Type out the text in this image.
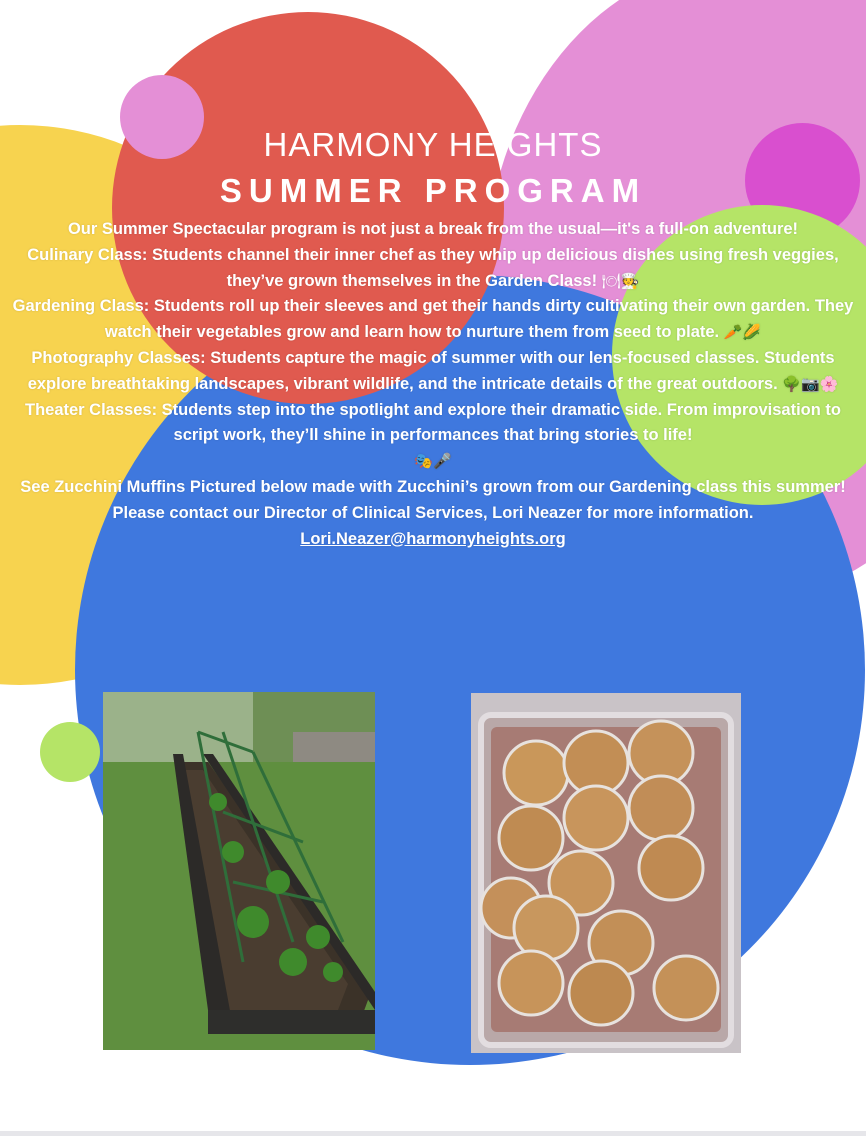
HARMONY HEIGHTS
SUMMER PROGRAM

Our Summer Spectacular program is not just a break from the usual—it's a full-on adventure!

Culinary Class: Students channel their inner chef as they whip up delicious dishes using fresh veggies, they’ve grown themselves in the Garden Class! 🍽🧑‍🍳

Gardening Class: Students roll up their sleeves and get their hands dirty cultivating their own garden. They watch their vegetables grow and learn how to nurture them from seed to plate. 🥕🌽

Photography Classes: Students capture the magic of summer with our lens-focused classes. Students explore breathtaking landscapes, vibrant wildlife, and the intricate details of the great outdoors. 🌳📷🌸

Theater Classes: Students step into the spotlight and explore their dramatic side. From improvisation to script work, they’ll shine in performances that bring stories to life!
🎭🎤

See Zucchini Muffins Pictured below made with Zucchini’s grown from our Gardening class this summer!

Please contact our Director of Clinical Services, Lori Neazer for more information.

Lori.Neazer@harmonyheights.org
